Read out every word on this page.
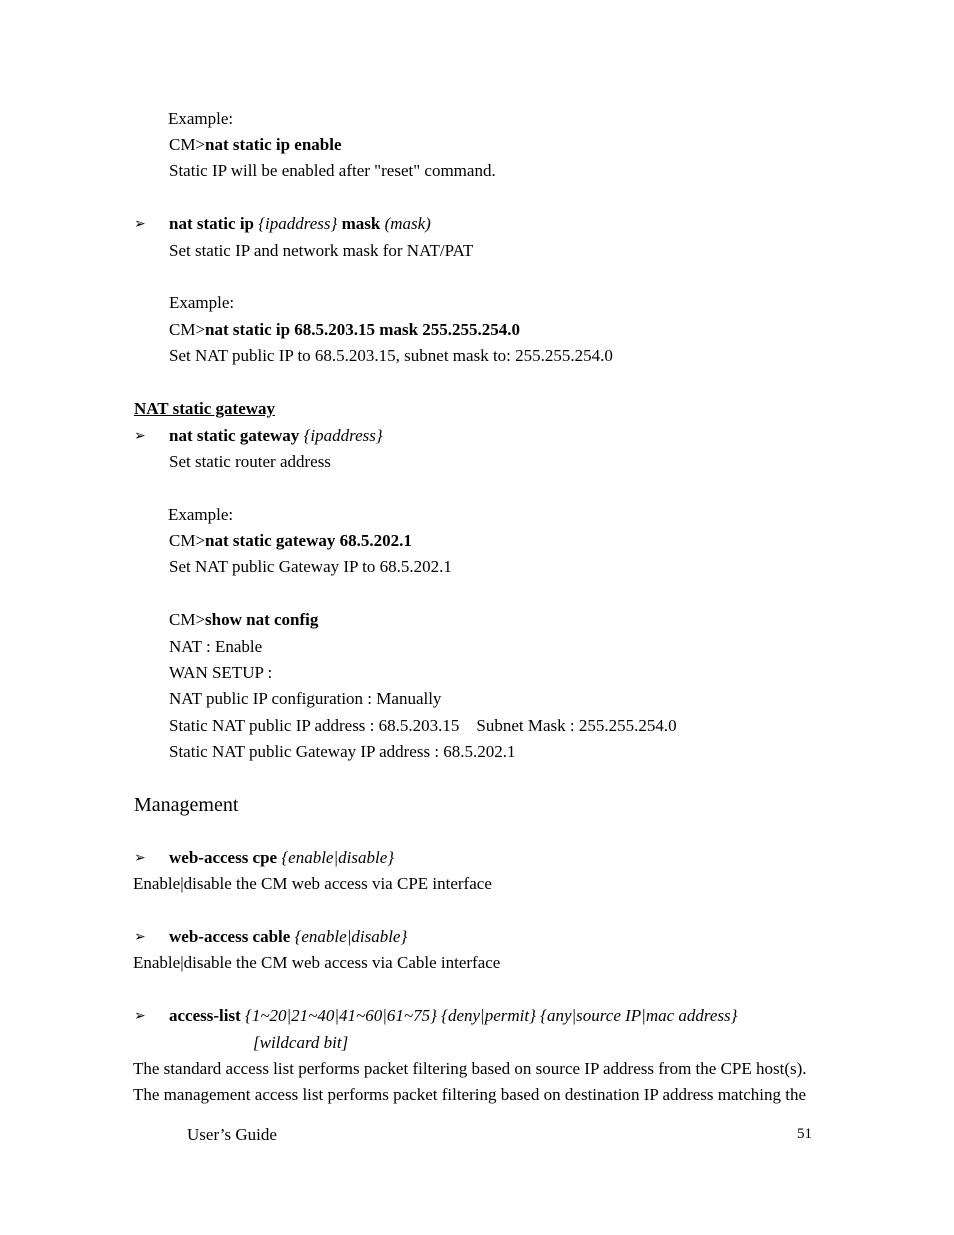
Example:
CM>nat static ip enable
Static IP will be enabled after "reset" command.
➢ nat static ip {ipaddress} mask (mask)
Set static IP and network mask for NAT/PAT
Example:
CM>nat static ip 68.5.203.15 mask 255.255.254.0
Set NAT public IP to 68.5.203.15, subnet mask to: 255.255.254.0
NAT static gateway
➢ nat static gateway {ipaddress}
Set static router address
Example:
CM>nat static gateway 68.5.202.1
Set NAT public Gateway IP to 68.5.202.1
CM>show nat config
NAT : Enable
WAN SETUP :
NAT public IP configuration : Manually
Static NAT public IP address : 68.5.203.15    Subnet Mask : 255.255.254.0
Static NAT public Gateway IP address : 68.5.202.1
Management
➢ web-access cpe {enable|disable}
Enable|disable the CM web access via CPE interface
➢ web-access cable {enable|disable}
Enable|disable the CM web access via Cable interface
➢ access-list {1~20|21~40|41~60|61~75} {deny|permit} {any|source IP|mac address}
[wildcard bit]
The standard access list performs packet filtering based on source IP address from the CPE host(s).
The management access list performs packet filtering based on destination IP address matching the
User’s Guide	51
